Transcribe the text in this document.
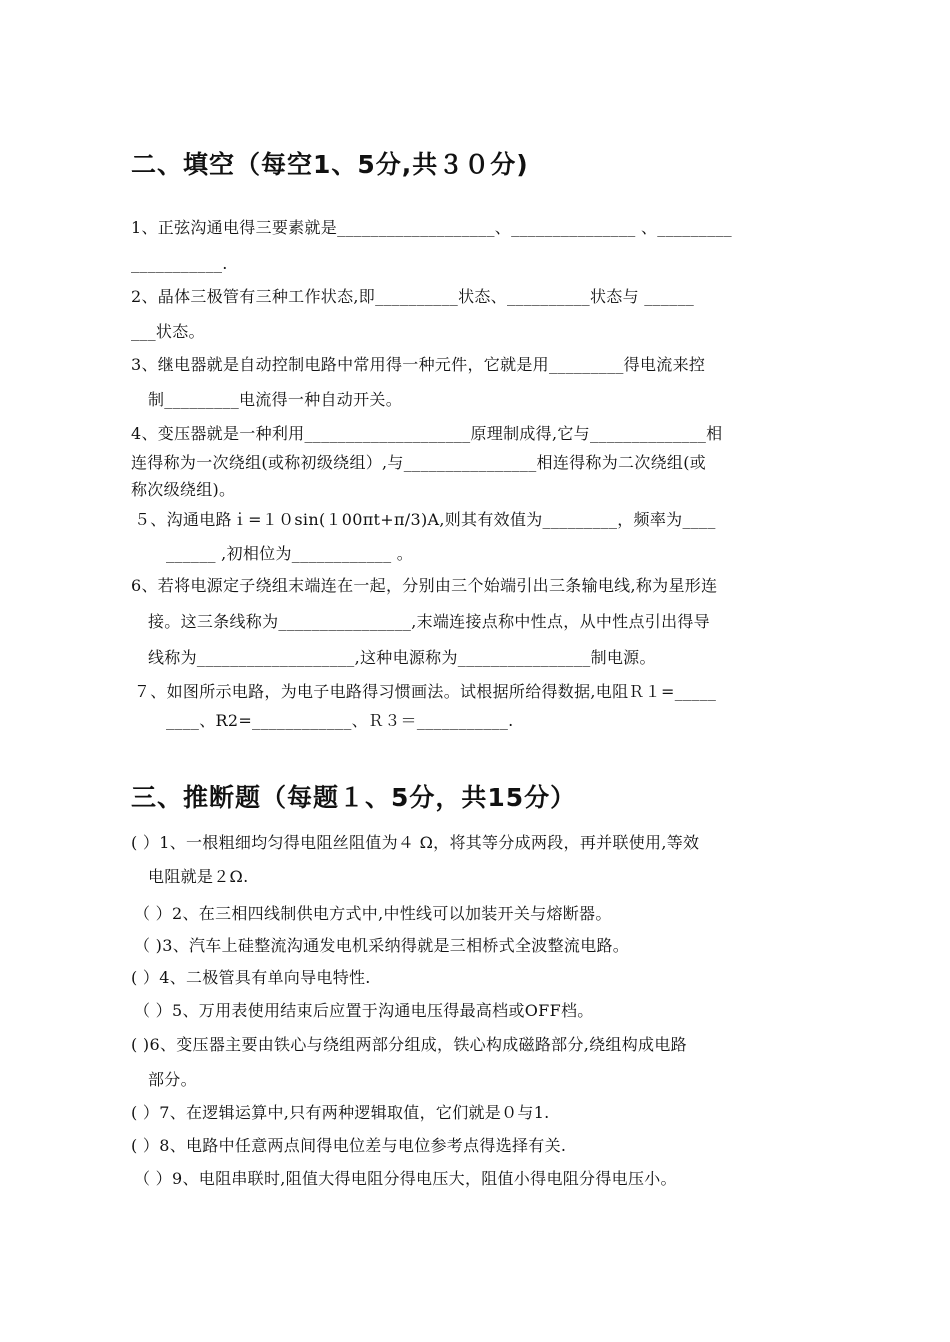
二、填空（每空1、5分,共３０分)
1、正弦沟通电得三要素就是___________________、_______________ 、_________
___________.
2、晶体三极管有三种工作状态,即__________状态、__________状态与 ______
___状态。
3、继电器就是自动控制电路中常用得一种元件，它就是用_________得电流来控
制_________电流得一种自动开关。
4、变压器就是一种利用____________________原理制成得,它与______________相
连得称为一次绕组(或称初级绕组）,与________________相连得称为二次绕组(或
称次级绕组)。
５、沟通电路ｉ=１０sin(１00πt+π/3)A,则其有效值为_________，频率为____
______ ,初相位为____________ 。
6、若将电源定子绕组末端连在一起，分别由三个始端引出三条输电线,称为星形连
接。这三条线称为________________,末端连接点称中性点，从中性点引出得导
线称为___________________,这种电源称为________________制电源。
７、如图所示电路，为电子电路得习惯画法。试根据所给得数据,电阻Ｒ１=_____
____、R2=____________、Ｒ３＝___________.
三、推断题（每题１、5分，共15分）
( ）1、一根粗细均匀得电阻丝阻值为４ Ω，将其等分成两段，再并联使用,等效
电阻就是２Ω.
（ ）2、在三相四线制供电方式中,中性线可以加装开关与熔断器。
（ )3、汽车上硅整流沟通发电机采纳得就是三相桥式全波整流电路。
( ）4、二极管具有单向导电特性.
（ ）5、万用表使用结束后应置于沟通电压得最高档或OFF档。
( )6、变压器主要由铁心与绕组两部分组成，铁心构成磁路部分,绕组构成电路
部分。
( ）7、在逻辑运算中,只有两种逻辑取值，它们就是０与1.
( ）8、电路中任意两点间得电位差与电位参考点得选择有关.
（ ）9、电阻串联时,阻值大得电阻分得电压大，阻值小得电阻分得电压小。
